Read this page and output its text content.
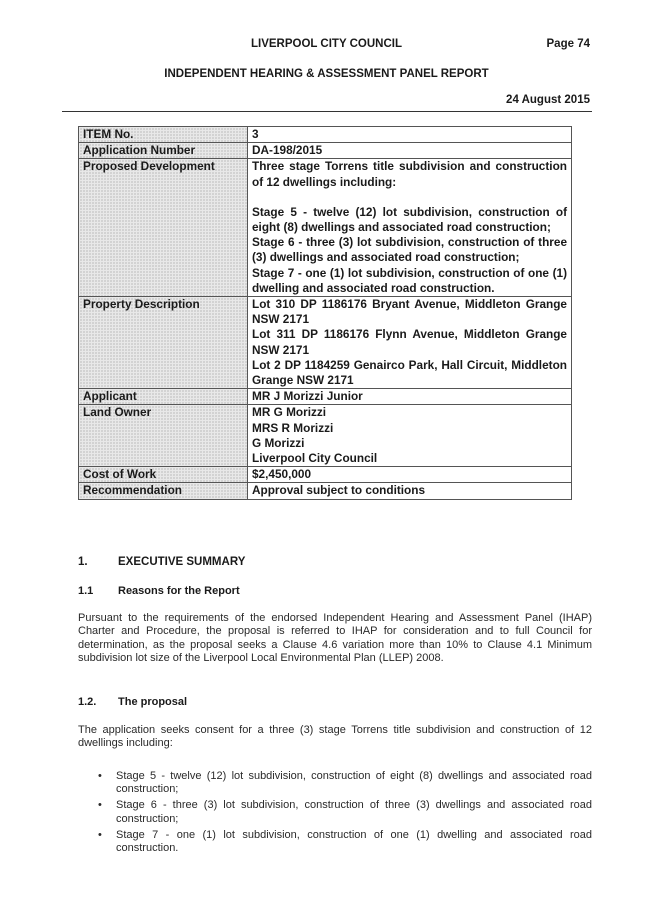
LIVERPOOL CITY COUNCIL	Page 74
INDEPENDENT HEARING & ASSESSMENT PANEL REPORT
24 August 2015
ITEM No.	3
Application Number	DA-198/2015
Proposed Development	Three stage Torrens title subdivision and construction of 12 dwellings including:
Stage 5 - twelve (12) lot subdivision, construction of eight (8) dwellings and associated road construction;
Stage 6 - three (3) lot subdivision, construction of three (3) dwellings and associated road construction;
Stage 7 - one (1) lot subdivision, construction of one (1) dwelling and associated road construction.

Property Description	Lot 310 DP 1186176 Bryant Avenue, Middleton Grange NSW 2171
Lot 311 DP 1186176 Flynn Avenue, Middleton Grange NSW 2171
Lot 2 DP 1184259 Genairco Park, Hall Circuit, Middleton Grange NSW 2171

Applicant	MR J Morizzi Junior
Land Owner	MR G Morizzi
MRS R Morizzi
G Morizzi
Liverpool City Council

Cost of Work	$2,450,000
Recommendation	Approval subject to conditions
1.	EXECUTIVE SUMMARY
1.1 Reasons for the Report
Pursuant to the requirements of the endorsed Independent Hearing and Assessment Panel (IHAP) Charter and Procedure, the proposal is referred to IHAP for consideration and to full Council for determination, as the proposal seeks a Clause 4.6 variation more than 10% to Clause 4.1 Minimum subdivision lot size of the Liverpool Local Environmental Plan (LLEP) 2008.
1.2. The proposal
The application seeks consent for a three (3) stage Torrens title subdivision and construction of 12 dwellings including:
• Stage 5 - twelve (12) lot subdivision, construction of eight (8) dwellings and associated road construction;
• Stage 6 - three (3) lot subdivision, construction of three (3) dwellings and associated road construction;
• Stage 7 - one (1) lot subdivision, construction of one (1) dwelling and associated road construction.
